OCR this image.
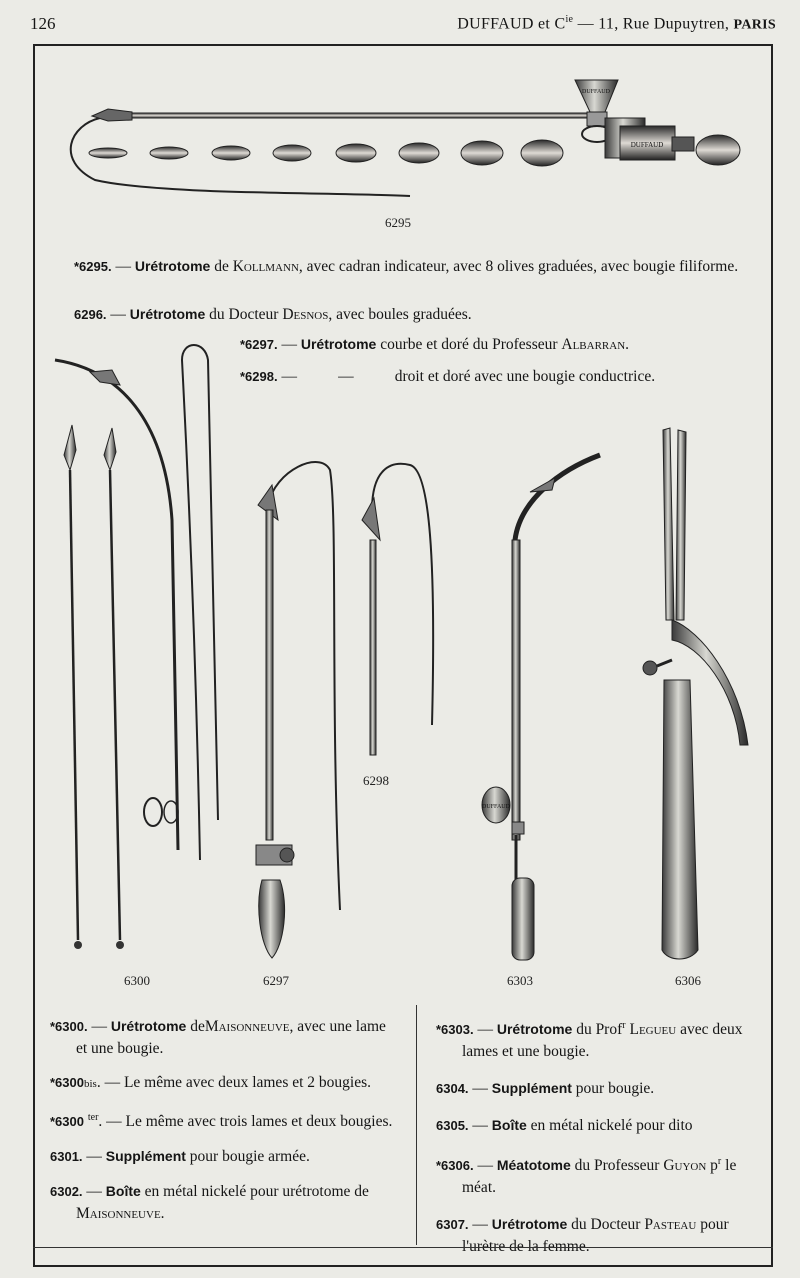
126	DUFFAUD et $C^{ie}$ — 11, Rue Dupuytren, PARIS
DUFFAUD
DUFFAUD
6295
6300	6297
6298
DUFFAUD
6303	6306
*6295. — Urétrotome de Kollmann, avec cadran indicateur, avec 8 olives graduées, avec bougie filiforme.
6296. — Urétrotome du Docteur Desnos, avec boules graduées.
*6297. — Urétrotome courbe et doré du Professeur Albarran.
*6298. —	—	droit et doré avec une bougie conductrice.
*6300. — Urétrotome deMaisonneuve, avec une lame et une bougie.
*6300bis. — Le même avec deux lames et 2 bougies.
*6300 $^{ter}$. — Le même avec trois lames et deux bougies.
6301. — Supplément pour bougie armée.
6302. — Boîte en métal nickelé pour urétrotome de Maisonneuve.
*6303. — Urétrotome du Prof$^r$ Legueu avec deux lames et une bougie.
6304. — Supplément pour bougie.
6305. — Boîte en métal nickelé pour dito
*6306. — Méatotome du Professeur Guyon $p^r$ le méat.
6307. — Urétrotome du Docteur Pasteau pour l'urètre de la femme.
